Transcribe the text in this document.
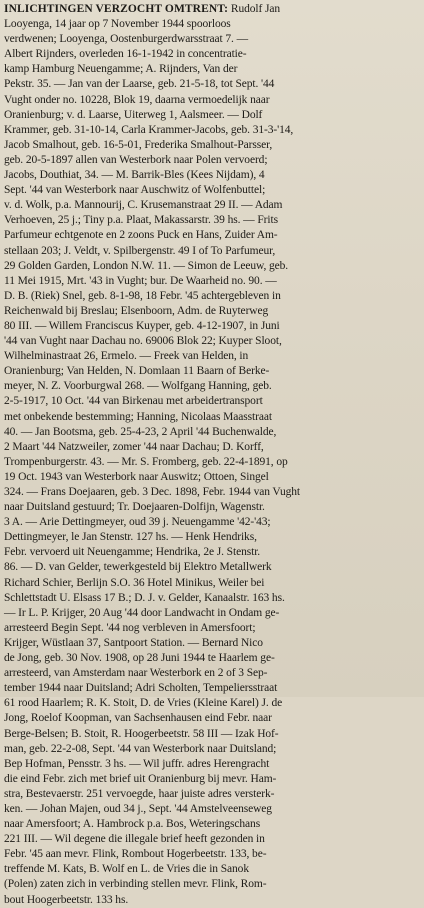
INLICHTINGEN VERZOCHT OMTRENT: Rudolf Jan
Looyenga, 14 jaar op 7 November 1944 spoorloos
verdwenen; Looyenga, Oostenburgerdwarsstraat 7. —
Albert Rijnders, overleden 16-1-1942 in concentratie-
kamp Hamburg Neuengamme; A. Rijnders, Van der
Pekstr. 35. — Jan van der Laarse, geb. 21-5-18, tot Sept. '44
Vught onder no. 10228, Blok 19, daarna vermoedelijk naar
Oranienburg; v. d. Laarse, Uiterweg 1, Aalsmeer. — Dolf
Krammer, geb. 31-10-14, Carla Krammer-Jacobs, geb. 31-3-'14,
Jacob Smalhout, geb. 16-5-01, Frederika Smalhout-Parsser,
geb. 20-5-1897 allen van Westerbork naar Polen vervoerd;
Jacobs, Douthiat, 34. — M. Barrik-Bles (Kees Nijdam), 4
Sept. '44 van Westerbork naar Auschwitz of Wolfenbuttel;
v. d. Wolk, p.a. Mannourij, C. Krusemanstraat 29 II. — Adam
Verhoeven, 25 j.; Tiny p.a. Plaat, Makassarstr. 39 hs. — Frits
Parfumeur echtgenote en 2 zoons Puck en Hans, Zuider Am-
stellaan 203; J. Veldt, v. Spilbergenstr. 49 I of To Parfumeur,
29 Golden Garden, London N.W. 11. — Simon de Leeuw, geb.
11 Mei 1915, Mrt. '43 in Vught; bur. De Waarheid no. 90. —
D. B. (Riek) Snel, geb. 8-1-98, 18 Febr. '45 achtergebleven in
Reichenwald bij Breslau; Elsenboorn, Adm. de Ruyterweg
80 III. — Willem Franciscus Kuyper, geb. 4-12-1907, in Juni
'44 van Vught naar Dachau no. 69006 Blok 22; Kuyper Sloot,
Wilhelminastraat 26, Ermelo. — Freek van Helden, in
Oranienburg; Van Helden, N. Domlaan 11 Baarn of Berke-
meyer, N. Z. Voorburgwal 268. — Wolfgang Hanning, geb.
2-5-1917, 10 Oct. '44 van Birkenau met arbeidertransport
met onbekende bestemming; Hanning, Nicolaas Maasstraat
40. — Jan Bootsma, geb. 25-4-23, 2 April '44 Buchenwalde,
2 Maart '44 Natzweiler, zomer '44 naar Dachau; D. Korff,
Trompenburgerstr. 43. — Mr. S. Fromberg, geb. 22-4-1891, op
19 Oct. 1943 van Westerbork naar Auswitz; Ottoen, Singel
324. — Frans Doejaaren, geb. 3 Dec. 1898, Febr. 1944 van Vught
naar Duitsland gestuurd; Tr. Doejaaren-Dolfijn, Wagenstr.
3 A. — Arie Dettingmeyer, oud 39 j. Neuengamme '42-'43;
Dettingmeyer, le Jan Stenstr. 127 hs. — Henk Hendriks,
Febr. vervoerd uit Neuengamme; Hendrika, 2e J. Stenstr.
86. — D. van Gelder, tewerkgesteld bij Elektro Metallwerk
Richard Schier, Berlijn S.O. 36 Hotel Minikus, Weiler bei
Schlettstadt U. Elsass 17 B.; D. J. v. Gelder, Kanaalstr. 163 hs.
— Ir L. P. Krijger, 20 Aug '44 door Landwacht in Ondam ge-
arresteerd Begin Sept. '44 nog verbleven in Amersfoort;
Krijger, Wüstlaan 37, Santpoort Station. — Bernard Nico
de Jong, geb. 30 Nov. 1908, op 28 Juni 1944 te Haarlem ge-
arresteerd, van Amsterdam naar Westerbork en 2 of 3 Sep-
tember 1944 naar Duitsland; Adri Scholten, Tempeliersstraat
61 rood Haarlem; R. K. Stoit, D. de Vries (Kleine Karel) J. de
Jong, Roelof Koopman, van Sachsenhausen eind Febr. naar
Berge-Belsen; B. Stoit, R. Hoogerbeetstr. 58 III — Izak Hof-
man, geb. 22-2-08, Sept. '44 van Westerbork naar Duitsland;
Bep Hofman, Pensstr. 3 hs. — Wil juffr. adres Herengracht
die eind Febr. zich met brief uit Oranienburg bij mevr. Ham-
stra, Bestevaerstr. 251 vervoegde, haar juiste adres versterk-
ken. — Johan Majen, oud 34 j., Sept. '44 Amstelveenseweg
naar Amersfoort; A. Hambrock p.a. Bos, Weteringschans
221 III. — Wil degene die illegale brief heeft gezonden in
Febr. '45 aan mevr. Flink, Rombout Hogerbeetstr. 133, be-
treffende M. Kats, B. Wolf en L. de Vries die in Sanok
(Polen) zaten zich in verbinding stellen mevr. Flink, Rom-
bout Hoogerbeetstr. 133 hs.
